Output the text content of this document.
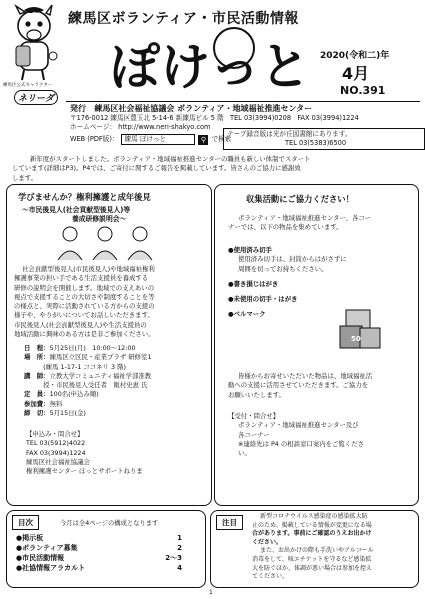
練馬区公式キャラクター
ネリーダ
練馬区ボランティア・市民活動情報
ぽけっと 2020(令和二)年
4月
NO.391
発行 練馬区社会福祉協議会 ボランティア・地域福祉推進センター
〒176-0012 練馬区豊玉北 5-14-6 新練馬ビル 5 階 TEL 03(3994)0208 FAX 03(3994)1224
ホームページ： http://www.neri-shakyo.com
WEB (PDF版)： 練馬 ぽけっと	⚲ で検索
テープ録音版は光が丘図書館にあります。
TEL 03(5383)6500
新年度がスタートしました。ボランティア・地域福祉推進センターの職員も新しい体制でスタート
しています(詳細はP3)。P4では、ご寄付に関するご報告を掲載しています。皆さんのご協力に感謝致
します。
学びませんか？権利擁護と成年後見
～市民後見人(社会貢献型後見人)等
養成研修説明会～
社会貢献型後見人(市民後見人)や地域福祉権利
擁護事業の担い手である生活支援員を養成する
研修の説明会を開催します。地域での支えあいの
視点で支援することの大切さや制度することを等
の様点と、実際に活動されている方からの支援の
様子や、やりがいについてお話しいただきます。
市民後見人(社会貢献型後見人)や生活支援員の
地域活動に興味のある方は是非ご参加ください。
日　程：5月25日(月)　10:00～12:00
場　所：練馬区立区民・産業プラザ 研修室1
　　　(練馬 1-17-1 ココネリ 3 階)
講　師：立教大学コミュニティ福祉学部准教
　　　授・市民後見人受任者　飯村史恵 氏
定　員：100名(申込み順)
参加費：無料
締　切：5月15日(金)
【申込み・問合せ】
TEL 03(5912)4022
FAX 03(3994)1224
練馬区社会福祉協議会
権利擁護センター ほっとサポートねりま
収集活動にご協力ください！
ボランティア・地域福祉推進センター、各コー
ナーでは、以下の物品を集めています。
●使用済み切手
使用済み切手は、封筒からはがさずに
周囲を切ってお持ちください。
●書き損じはがき
●未使用の切手・はがき
●ベルマーク
50
皆様からお寄せいただいた物品は、地域福祉活
動への支援に活用させていただきます。ご協力を
お願いいたします。
【受付・問合せ】
ボランティア・地域福祉推進センター及び
各コーナー
※連絡先は P4 の相談窓口案内をご覧くださ
い。
目次	今月は全4ページの構成となります
●掲示板	1
●ボランティア募集	2
●市民活動情報	2～3
●社協情報アラカルト	4
注目
新型コロナウイルス感染症の感染拡大防
止のため、掲載している情報が変更になる場
合があります。事前にご確認のうえお出かけ
ください。
また、お出かけの際も手洗いやアルコール
消毒をして、咳エチケットを守るなど感染拡
大を防ぐほか、体調が悪い場合は参加を控え
てください。
1
